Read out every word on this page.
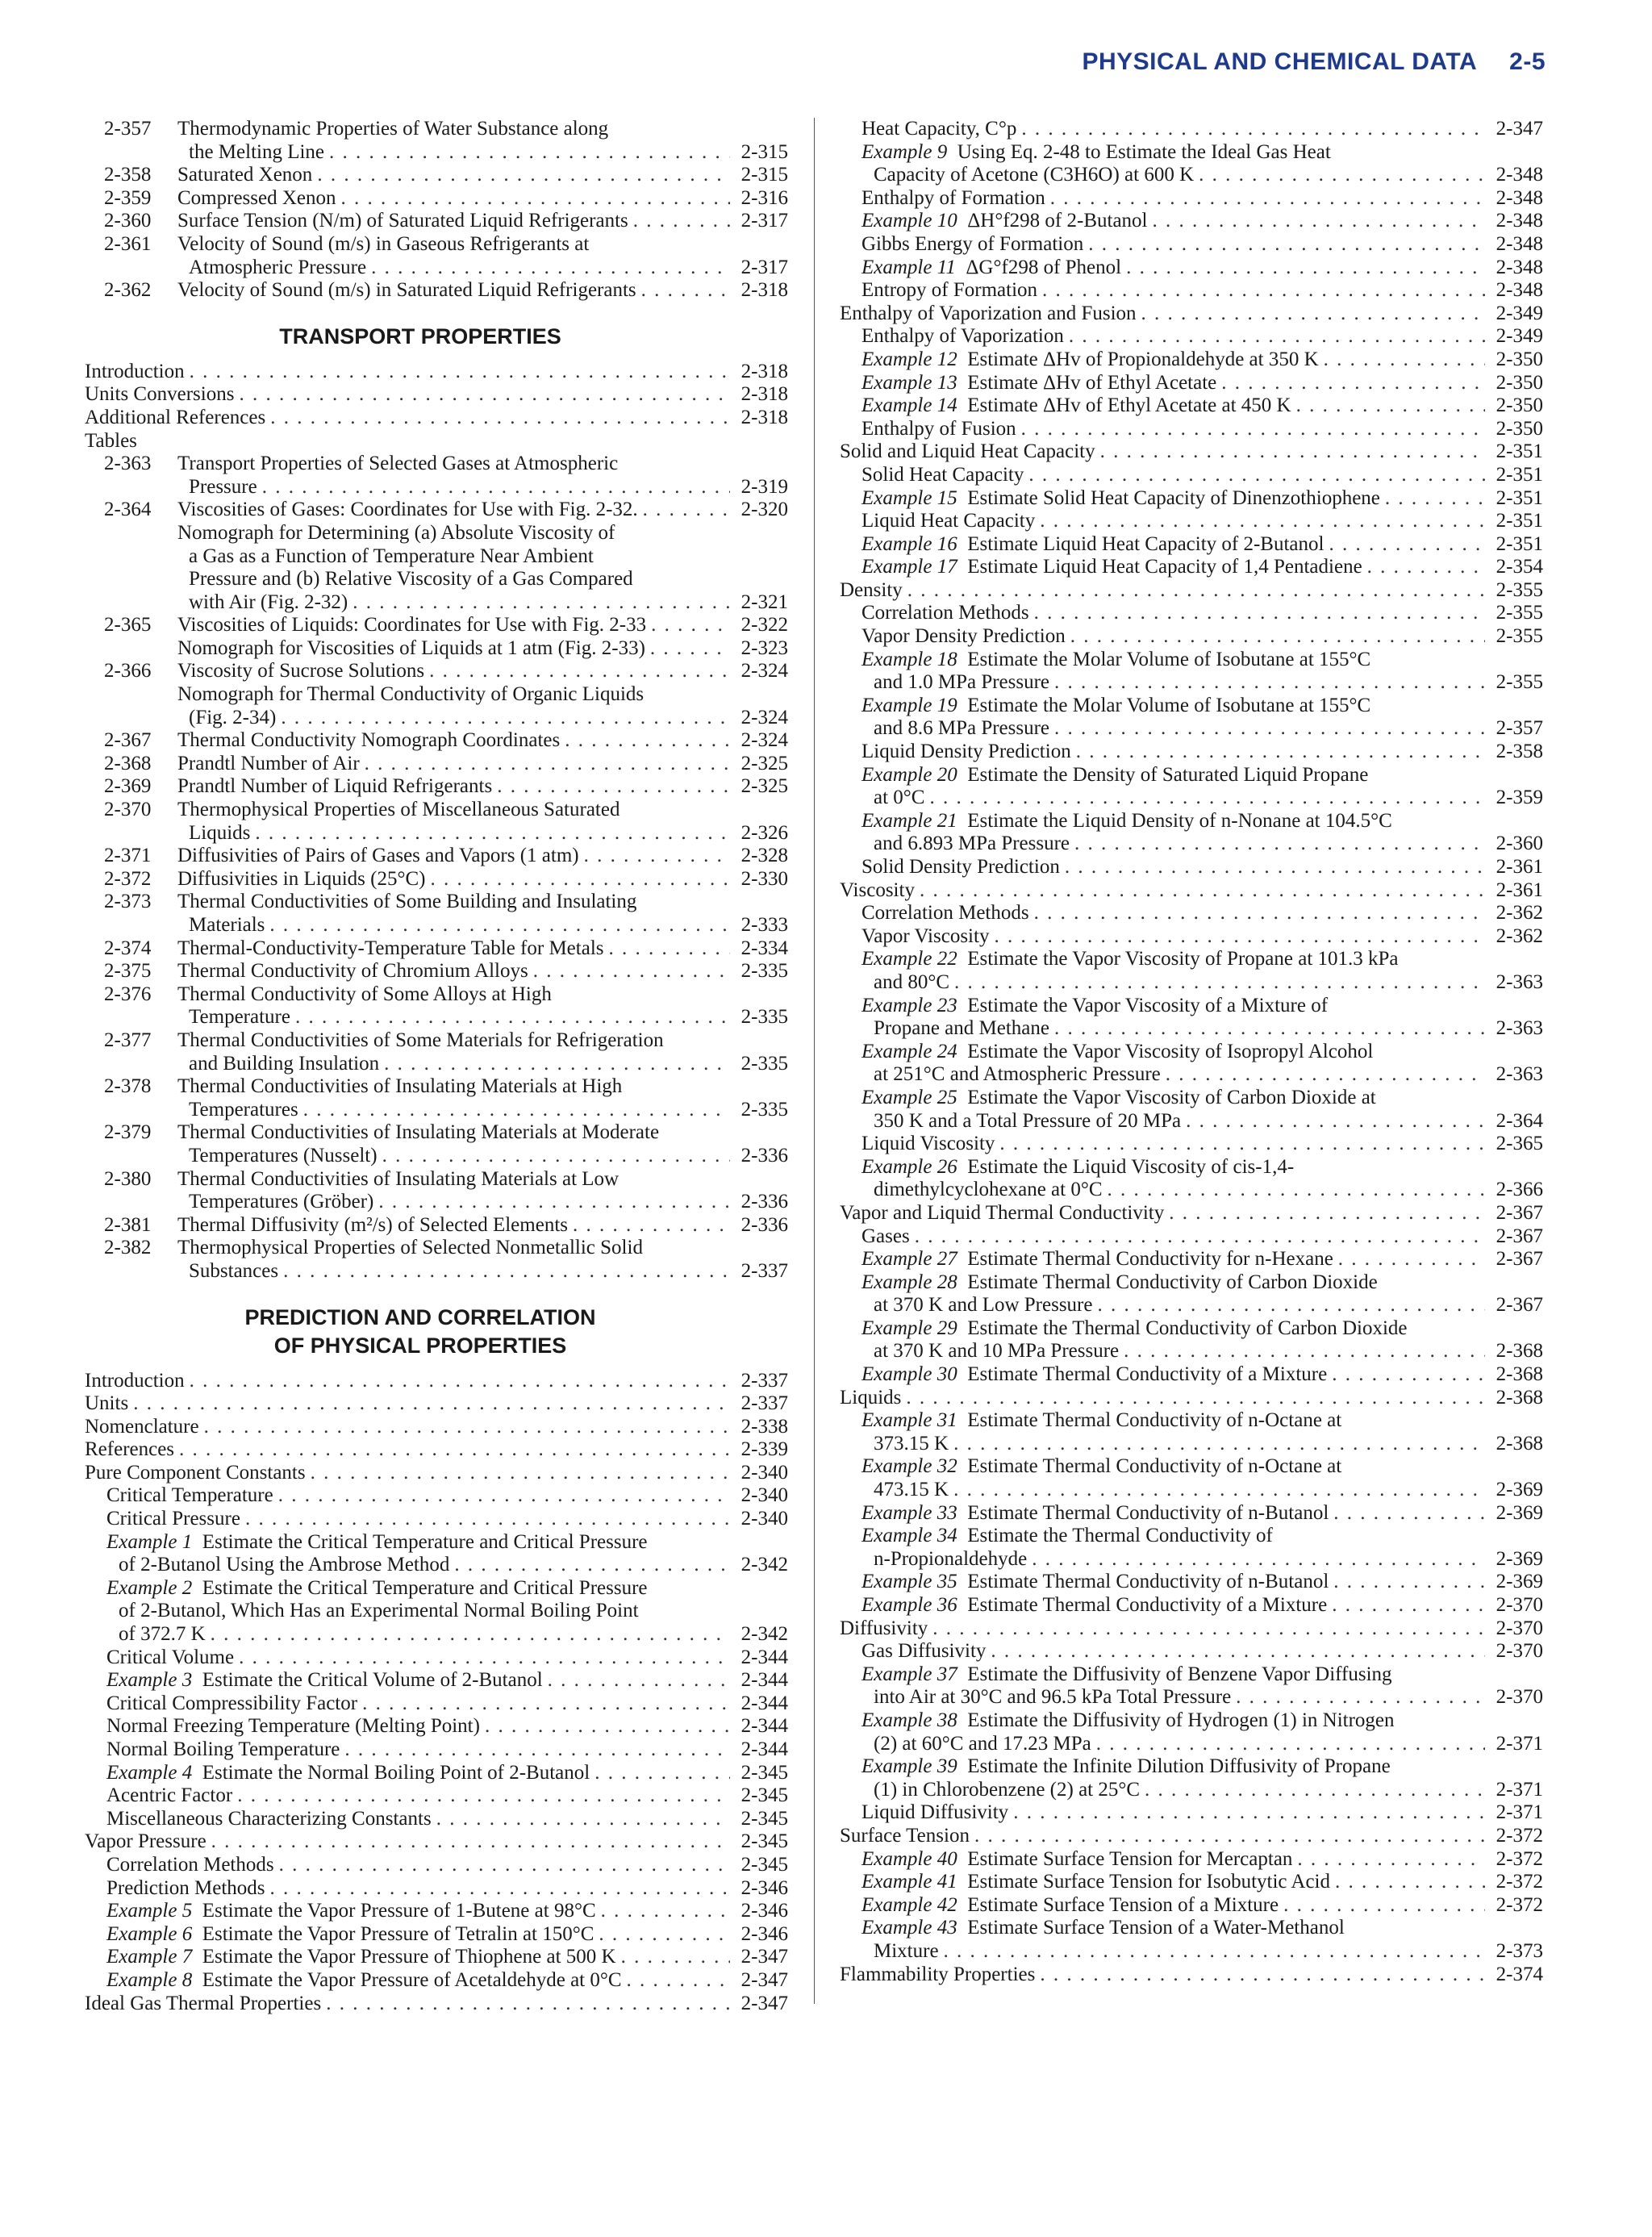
PHYSICAL AND CHEMICAL DATA 2-5
2-357 Thermodynamic Properties of Water Substance along
the Melting Line . . .	2-315
2-358 Saturated Xenon . . .	2-315
2-359 Compressed Xenon . . .	2-316
2-360 Surface Tension (N/m) of Saturated Liquid Refrigerants . . .	2-317
2-361 Velocity of Sound (m/s) in Gaseous Refrigerants at
Atmospheric Pressure . . .	2-317
2-362 Velocity of Sound (m/s) in Saturated Liquid Refrigerants . . .	2-318
TRANSPORT PROPERTIES
Introduction . . .	2-318
Units Conversions . . .	2-318
Additional References . . .	2-318
Tables
2-363 Transport Properties of Selected Gases at Atmospheric
Pressure . . .	2-319
2-364 Viscosities of Gases: Coordinates for Use with Fig. 2-32. . . .	2-320
Nomograph for Determining (a) Absolute Viscosity of
a Gas as a Function of Temperature Near Ambient
Pressure and (b) Relative Viscosity of a Gas Compared
with Air (Fig. 2-32) . . .	2-321
2-365 Viscosities of Liquids: Coordinates for Use with Fig. 2-33 . . .	2-322
Nomograph for Viscosities of Liquids at 1 atm (Fig. 2-33) . . .	2-323
2-366 Viscosity of Sucrose Solutions . . .	2-324
Nomograph for Thermal Conductivity of Organic Liquids
(Fig. 2-34) . . .	2-324
2-367 Thermal Conductivity Nomograph Coordinates . . .	2-324
2-368 Prandtl Number of Air . . .	2-325
2-369 Prandtl Number of Liquid Refrigerants . . .	2-325
2-370 Thermophysical Properties of Miscellaneous Saturated
Liquids . . .	2-326
2-371 Diffusivities of Pairs of Gases and Vapors (1 atm) . . .	2-328
2-372 Diffusivities in Liquids (25°C) . . .	2-330
2-373 Thermal Conductivities of Some Building and Insulating
Materials . . .	2-333
2-374 Thermal-Conductivity-Temperature Table for Metals . . .	2-334
2-375 Thermal Conductivity of Chromium Alloys . . .	2-335
2-376 Thermal Conductivity of Some Alloys at High
Temperature . . .	2-335
2-377 Thermal Conductivities of Some Materials for Refrigeration
and Building Insulation . . .	2-335
2-378 Thermal Conductivities of Insulating Materials at High
Temperatures . . .	2-335
2-379 Thermal Conductivities of Insulating Materials at Moderate
Temperatures (Nusselt) . . .	2-336
2-380 Thermal Conductivities of Insulating Materials at Low
Temperatures (Gröber) . . .	2-336
2-381 Thermal Diffusivity (m²/s) of Selected Elements . . .	2-336
2-382 Thermophysical Properties of Selected Nonmetallic Solid
Substances . . .	2-337
PREDICTION AND CORRELATION
OF PHYSICAL PROPERTIES
Introduction . . .	2-337
Units . . .	2-337
Nomenclature . . .	2-338
References . . .	2-339
Pure Component Constants . . .	2-340
Critical Temperature . . .	2-340
Critical Pressure . . .	2-340
Example 1  Estimate the Critical Temperature and Critical Pressure
of 2-Butanol Using the Ambrose Method . . .	2-342
Example 2  Estimate the Critical Temperature and Critical Pressure
of 2-Butanol, Which Has an Experimental Normal Boiling Point
of 372.7 K . . .	2-342
Critical Volume . . .	2-344
Example 3  Estimate the Critical Volume of 2-Butanol . . .	2-344
Critical Compressibility Factor . . .	2-344
Normal Freezing Temperature (Melting Point) . . .	2-344
Normal Boiling Temperature . . .	2-344
Example 4  Estimate the Normal Boiling Point of 2-Butanol . . .	2-345
Acentric Factor . . .	2-345
Miscellaneous Characterizing Constants . . .	2-345
Vapor Pressure . . .	2-345
Correlation Methods . . .	2-345
Prediction Methods . . .	2-346
Example 5  Estimate the Vapor Pressure of 1-Butene at 98°C . . .	2-346
Example 6  Estimate the Vapor Pressure of Tetralin at 150°C . . .	2-346
Example 7  Estimate the Vapor Pressure of Thiophene at 500 K . . .	2-347
Example 8  Estimate the Vapor Pressure of Acetaldehyde at 0°C . . .	2-347
Ideal Gas Thermal Properties . . .	2-347
Heat Capacity, C°p . . .	2-347
Example 9  Using Eq. 2-48 to Estimate the Ideal Gas Heat
Capacity of Acetone (C3H6O) at 600 K . . .	2-348
Enthalpy of Formation . . .	2-348
Example 10  ΔH°f298 of 2-Butanol . . .	2-348
Gibbs Energy of Formation . . .	2-348
Example 11  ΔG°f298 of Phenol . . .	2-348
Entropy of Formation . . .	2-348
Enthalpy of Vaporization and Fusion . . .	2-349
Enthalpy of Vaporization . . .	2-349
Example 12  Estimate ΔHv of Propionaldehyde at 350 K . . .	2-350
Example 13  Estimate ΔHv of Ethyl Acetate . . .	2-350
Example 14  Estimate ΔHv of Ethyl Acetate at 450 K . . .	2-350
Enthalpy of Fusion . . .	2-350
Solid and Liquid Heat Capacity . . .	2-351
Solid Heat Capacity . . .	2-351
Example 15  Estimate Solid Heat Capacity of Dinenzothiophene . . .	2-351
Liquid Heat Capacity . . .	2-351
Example 16  Estimate Liquid Heat Capacity of 2-Butanol . . .	2-351
Example 17  Estimate Liquid Heat Capacity of 1,4 Pentadiene . . .	2-354
Density . . .	2-355
Correlation Methods . . .	2-355
Vapor Density Prediction . . .	2-355
Example 18  Estimate the Molar Volume of Isobutane at 155°C
and 1.0 MPa Pressure . . .	2-355
Example 19  Estimate the Molar Volume of Isobutane at 155°C
and 8.6 MPa Pressure . . .	2-357
Liquid Density Prediction . . .	2-358
Example 20  Estimate the Density of Saturated Liquid Propane
at 0°C . . .	2-359
Example 21  Estimate the Liquid Density of n-Nonane at 104.5°C
and 6.893 MPa Pressure . . .	2-360
Solid Density Prediction . . .	2-361
Viscosity . . .	2-361
Correlation Methods . . .	2-362
Vapor Viscosity . . .	2-362
Example 22  Estimate the Vapor Viscosity of Propane at 101.3 kPa
and 80°C . . .	2-363
Example 23  Estimate the Vapor Viscosity of a Mixture of
Propane and Methane . . .	2-363
Example 24  Estimate the Vapor Viscosity of Isopropyl Alcohol
at 251°C and Atmospheric Pressure . . .	2-363
Example 25  Estimate the Vapor Viscosity of Carbon Dioxide at
350 K and a Total Pressure of 20 MPa . . .	2-364
Liquid Viscosity . . .	2-365
Example 26  Estimate the Liquid Viscosity of cis-1,4-
dimethylcyclohexane at 0°C . . .	2-366
Vapor and Liquid Thermal Conductivity . . .	2-367
Gases . . .	2-367
Example 27  Estimate Thermal Conductivity for n-Hexane . . .	2-367
Example 28  Estimate Thermal Conductivity of Carbon Dioxide
at 370 K and Low Pressure . . .	2-367
Example 29  Estimate the Thermal Conductivity of Carbon Dioxide
at 370 K and 10 MPa Pressure . . .	2-368
Example 30  Estimate Thermal Conductivity of a Mixture . . .	2-368
Liquids . . .	2-368
Example 31  Estimate Thermal Conductivity of n-Octane at
373.15 K . . .	2-368
Example 32  Estimate Thermal Conductivity of n-Octane at
473.15 K . . .	2-369
Example 33  Estimate Thermal Conductivity of n-Butanol . . .	2-369
Example 34  Estimate the Thermal Conductivity of
n-Propionaldehyde . . .	2-369
Example 35  Estimate Thermal Conductivity of n-Butanol . . .	2-369
Example 36  Estimate Thermal Conductivity of a Mixture . . .	2-370
Diffusivity . . .	2-370
Gas Diffusivity . . .	2-370
Example 37  Estimate the Diffusivity of Benzene Vapor Diffusing
into Air at 30°C and 96.5 kPa Total Pressure . . .	2-370
Example 38  Estimate the Diffusivity of Hydrogen (1) in Nitrogen
(2) at 60°C and 17.23 MPa . . .	2-371
Example 39  Estimate the Infinite Dilution Diffusivity of Propane
(1) in Chlorobenzene (2) at 25°C . . .	2-371
Liquid Diffusivity . . .	2-371
Surface Tension . . .	2-372
Example 40  Estimate Surface Tension for Mercaptan . . .	2-372
Example 41  Estimate Surface Tension for Isobutytic Acid . . .	2-372
Example 42  Estimate Surface Tension of a Mixture . . .	2-372
Example 43  Estimate Surface Tension of a Water-Methanol
Mixture . . .	2-373
Flammability Properties . . .	2-374
